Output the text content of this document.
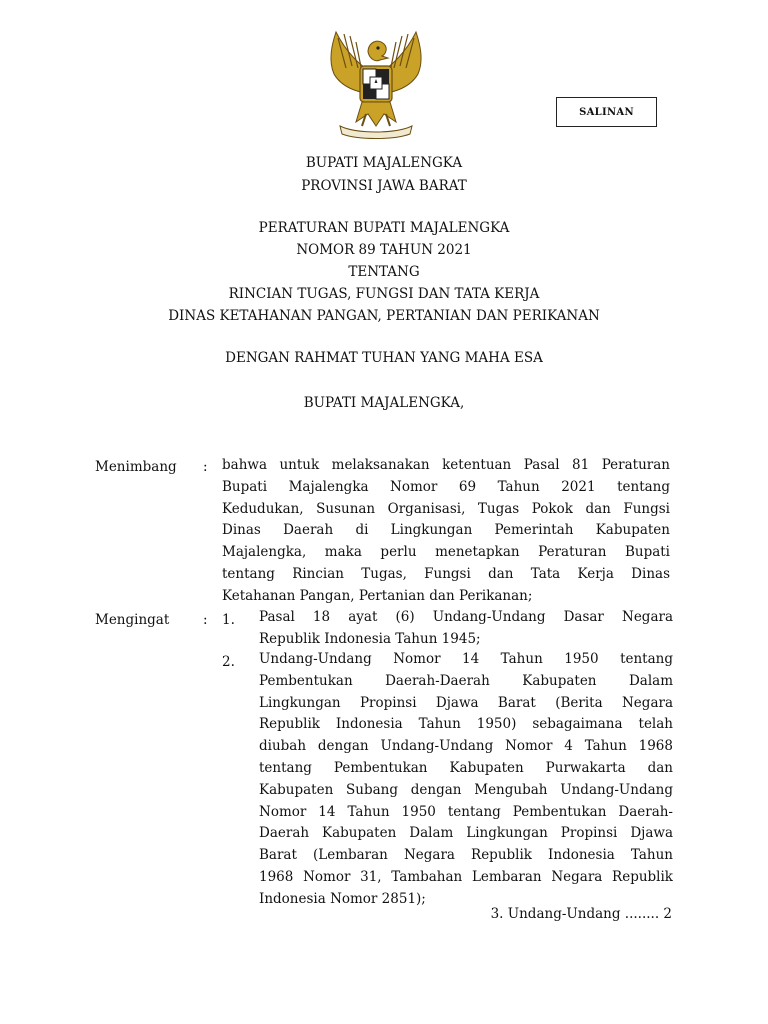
SALINAN
BUPATI MAJALENGKA
PROVINSI JAWA BARAT
PERATURAN BUPATI MAJALENGKA
NOMOR 89 TAHUN 2021
TENTANG
RINCIAN TUGAS, FUNGSI DAN TATA KERJA
DINAS KETAHANAN PANGAN, PERTANIAN DAN PERIKANAN
DENGAN RAHMAT TUHAN YANG MAHA ESA
BUPATI MAJALENGKA,
Menimbang : bahwa untuk melaksanakan ketentuan Pasal 81 Peraturan
Bupati Majalengka Nomor 69 Tahun 2021 tentang
Kedudukan, Susunan Organisasi, Tugas Pokok dan Fungsi
Dinas Daerah di Lingkungan Pemerintah Kabupaten
Majalengka, maka perlu menetapkan Peraturan Bupati
tentang Rincian Tugas, Fungsi dan Tata Kerja Dinas
Ketahanan Pangan, Pertanian dan Perikanan;
Mengingat : 1. Pasal 18 ayat (6) Undang-Undang Dasar Negara
Republik Indonesia Tahun 1945;
2. Undang-Undang Nomor 14 Tahun 1950 tentang
Pembentukan Daerah-Daerah Kabupaten Dalam
Lingkungan Propinsi Djawa Barat (Berita Negara
Republik Indonesia Tahun 1950) sebagaimana telah
diubah dengan Undang-Undang Nomor 4 Tahun 1968
tentang Pembentukan Kabupaten Purwakarta dan
Kabupaten Subang dengan Mengubah Undang-Undang
Nomor 14 Tahun 1950 tentang Pembentukan Daerah-
Daerah Kabupaten Dalam Lingkungan Propinsi Djawa
Barat (Lembaran Negara Republik Indonesia Tahun
1968 Nomor 31, Tambahan Lembaran Negara Republik
Indonesia Nomor 2851);
3. Undang-Undang ........ 2
